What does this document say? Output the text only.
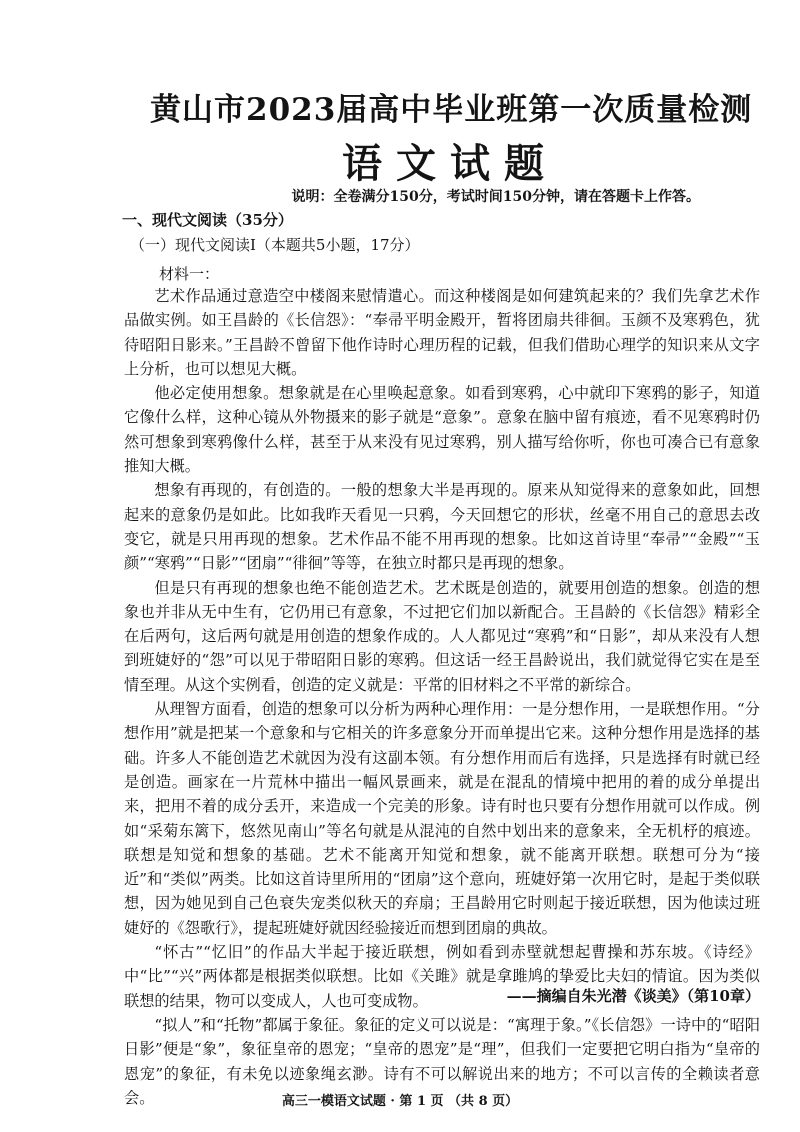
黄山市2023届高中毕业班第一次质量检测
语文试题
说明：全卷满分150分，考试时间150分钟，请在答题卡上作答。
一、现代文阅读（35分）
（一）现代文阅读Ⅰ（本题共5小题，17分）
材料一：

艺术作品通过意造空中楼阁来慰情遣心。而这种楼阁是如何建筑起来的？我们先拿艺术作品做实例。如王昌龄的《长信怨》：“奉帚平明金殿开，暂将团扇共徘徊。玉颜不及寒鸦色，犹待昭阳日影来。”王昌龄不曾留下他作诗时心理历程的记载，但我们借助心理学的知识来从文字上分析，也可以想见大概。

他必定使用想象。想象就是在心里唤起意象。如看到寒鸦，心中就印下寒鸦的影子，知道它像什么样，这种心镜从外物摄来的影子就是“意象”。意象在脑中留有痕迹，看不见寒鸦时仍然可想象到寒鸦像什么样，甚至于从来没有见过寒鸦，别人描写给你听，你也可凑合已有意象推知大概。

想象有再现的，有创造的。一般的想象大半是再现的。原来从知觉得来的意象如此，回想起来的意象仍是如此。比如我昨天看见一只鸦，今天回想它的形状，丝毫不用自己的意思去改变它，就是只用再现的想象。艺术作品不能不用再现的想象。比如这首诗里“奉帚”“金殿”“玉颜”“寒鸦”“日影”“团扇”“徘徊”等等，在独立时都只是再现的想象。

但是只有再现的想象也绝不能创造艺术。艺术既是创造的，就要用创造的想象。创造的想象也并非从无中生有，它仍用已有意象，不过把它们加以新配合。王昌龄的《长信怨》精彩全在后两句，这后两句就是用创造的想象作成的。人人都见过“寒鸦”和“日影”，却从来没有人想到班婕妤的“怨”可以见于带昭阳日影的寒鸦。但这话一经王昌龄说出，我们就觉得它实在是至情至理。从这个实例看，创造的定义就是：平常的旧材料之不平常的新综合。

从理智方面看，创造的想象可以分析为两种心理作用：一是分想作用，一是联想作用。“分想作用”就是把某一个意象和与它相关的许多意象分开而单提出它来。这种分想作用是选择的基础。许多人不能创造艺术就因为没有这副本领。有分想作用而后有选择，只是选择有时就已经是创造。画家在一片荒林中描出一幅风景画来，就是在混乱的情境中把用的着的成分单提出来，把用不着的成分丢开，来造成一个完美的形象。诗有时也只要有分想作用就可以作成。例如“采菊东篱下，悠然见南山”等名句就是从混沌的自然中划出来的意象来，全无机杼的痕迹。联想是知觉和想象的基础。艺术不能离开知觉和想象，就不能离开联想。联想可分为“接近”和“类似”两类。比如这首诗里所用的“团扇”这个意向，班婕妤第一次用它时，是起于类似联想，因为她见到自己色衰失宠类似秋天的弃扇；王昌龄用它时则起于接近联想，因为他读过班婕妤的《怨歌行》，提起班婕妤就因经验接近而想到团扇的典故。

“怀古”“忆旧”的作品大半起于接近联想，例如看到赤壁就想起曹操和苏东坡。《诗经》中“比”“兴”两体都是根据类似联想。比如《关雎》就是拿雎鸠的挚爱比夫妇的情谊。因为类似联想的结果，物可以变成人，人也可变成物。

“拟人”和“托物”都属于象征。象征的定义可以说是：“寓理于象。”《长信怨》一诗中的“昭阳日影”便是“象”，象征皇帝的恩宠；“皇帝的恩宠”是“理”，但我们一定要把它明白指为“皇帝的恩宠”的象征，有未免以迹象绳玄渺。诗有不可以解说出来的地方；不可以言传的全赖读者意会。

——摘编自朱光潜《谈美》（第10章）
高三一模语文试题 · 第 1 页 （共 8 页）
